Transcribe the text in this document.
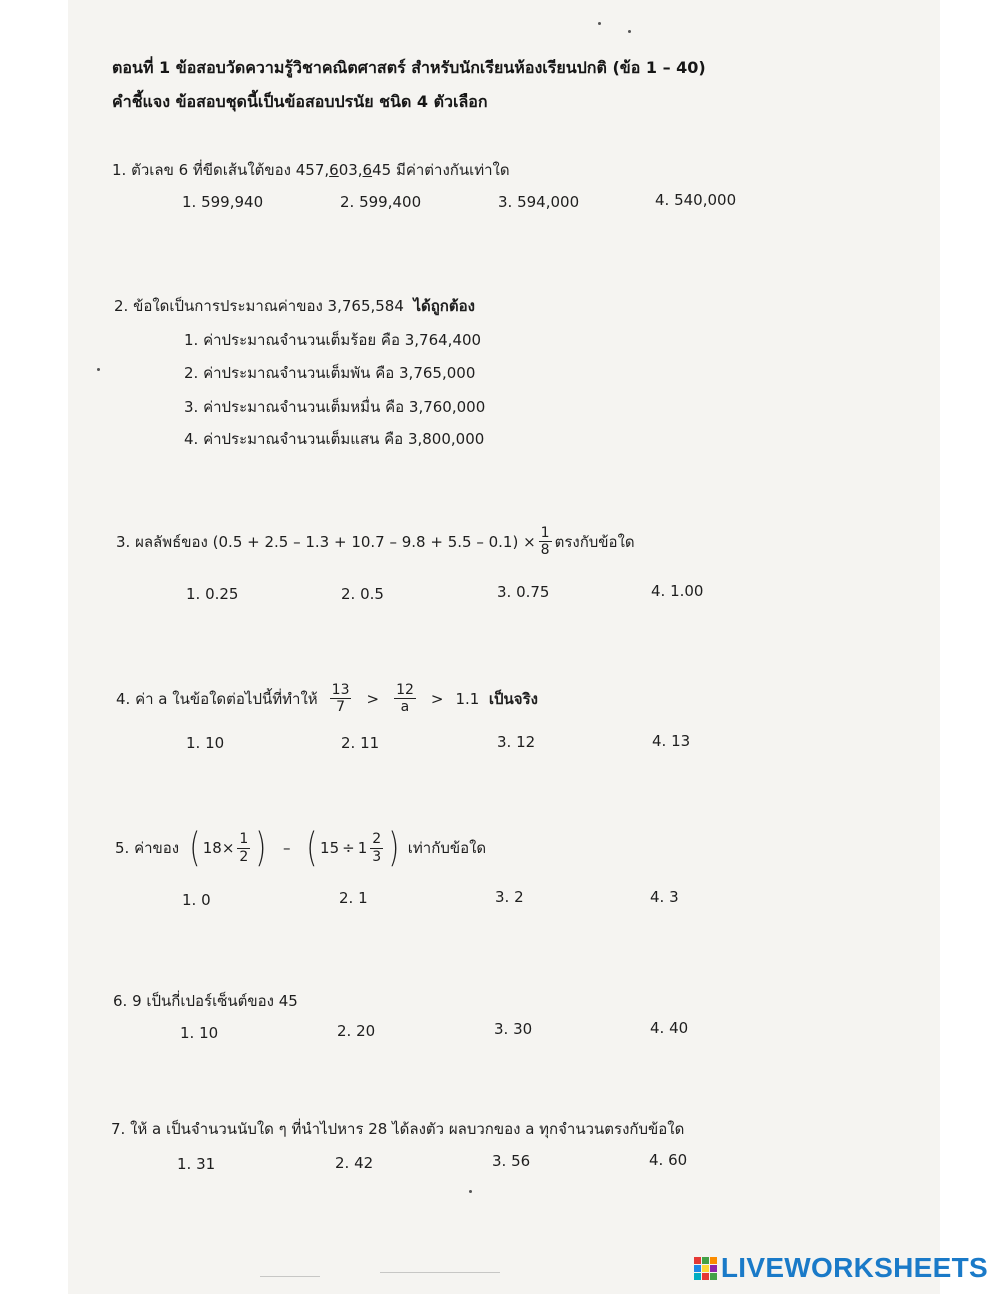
ตอนที่ 1 ข้อสอบวัดความรู้วิชาคณิตศาสตร์ สำหรับนักเรียนห้องเรียนปกติ (ข้อ 1 – 40)
คำชี้แจง ข้อสอบชุดนี้เป็นข้อสอบปรนัย ชนิด 4 ตัวเลือก
1. ตัวเลข 6 ที่ขีดเส้นใต้ของ 457,603,645 มีค่าต่างกันเท่าใด
1. 599,940	2. 599,400	3. 594,000	4. 540,000
2. ข้อใดเป็นการประมาณค่าของ 3,765,584 ได้ถูกต้อง
1. ค่าประมาณจำนวนเต็มร้อย คือ 3,764,400
2. ค่าประมาณจำนวนเต็มพัน คือ 3,765,000
3. ค่าประมาณจำนวนเต็มหมื่น คือ 3,760,000
4. ค่าประมาณจำนวนเต็มแสน คือ 3,800,000
3. ผลลัพธ์ของ $(0.5 + 2.5 - 1.3 + 10.7 - 9.8 + 5.5 - 0.1) \times \frac{1}{8}$ ตรงกับข้อใด
1. 0.25	2. 0.5	3. 0.75	4. 1.00
4. ค่า a ในข้อใดต่อไปนี้ที่ทำให้ $\frac{13}{7} > \frac{12}{a} > 1.1$
เป็นจริง
1. 10	2. 11	3. 12	4. 13
5. ค่าของ ( $18 \times \frac{1}{2}$ ) – ( $15 \div 1 \frac{2}{3}$ ) เท่ากับข้อใด
1. 0	2. 1	3. 2	4. 3
6. 9 เป็นกี่เปอร์เซ็นต์ของ 45
1. 10	2. 20	3. 30	4. 40
7. ให้ a เป็นจำนวนนับใด ๆ ที่นำไปหาร 28 ได้ลงตัว ผลบวกของ a ทุกจำนวนตรงกับข้อใด
1. 31	2. 42	3. 56	4. 60
LIVEWORKSHEETS
